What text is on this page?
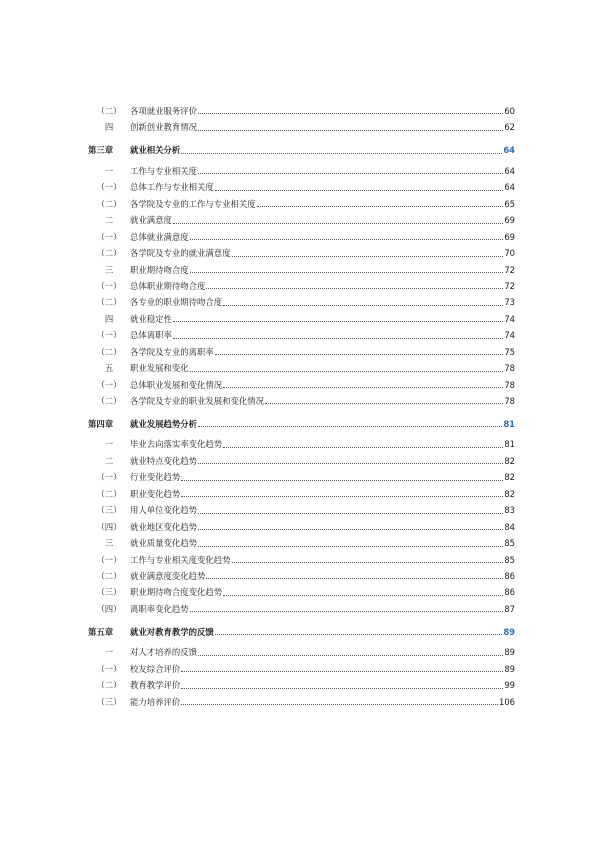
（二）	各项就业服务评价	60
四	创新创业教育情况	62
第三章	就业相关分析	64
一	工作与专业相关度	64
（一）	总体工作与专业相关度	64
（二）	各学院及专业的工作与专业相关度	65
二	就业满意度	69
（一）	总体就业满意度	69
（二）	各学院及专业的就业满意度	70
三	职业期待吻合度	72
（一）	总体职业期待吻合度	72
（二）	各专业的职业期待吻合度	73
四	就业稳定性	74
（一）	总体离职率	74
（二）	各学院及专业的离职率	75
五	职业发展和变化	78
（一）	总体职业发展和变化情况	78
（二）	各学院及专业的职业发展和变化情况	78
第四章	就业发展趋势分析	81
一	毕业去向落实率变化趋势	81
二	就业特点变化趋势	82
（一）	行业变化趋势	82
（二）	职业变化趋势	82
（三）	用人单位变化趋势	83
（四）	就业地区变化趋势	84
三	就业质量变化趋势	85
（一）	工作与专业相关度变化趋势	85
（二）	就业满意度变化趋势	86
（三）	职业期待吻合度变化趋势	86
（四）	离职率变化趋势	87
第五章	就业对教育教学的反馈	89
一	对人才培养的反馈	89
（一）	校友综合评价	89
（二）	教育教学评价	99
（三）	能力培养评价	106
